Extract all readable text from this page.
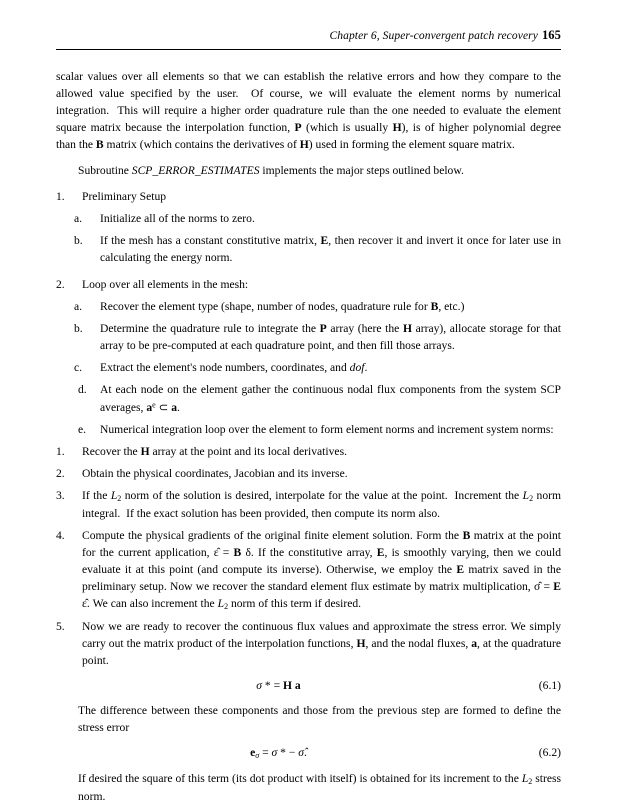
Chapter 6, Super-convergent patch recovery 165

scalar values over all elements so that we can establish the relative errors and how they compare to the allowed value specified by the user.  Of course, we will evaluate the element norms by numerical integration.  This will require a higher order quadrature rule than the one needed to evaluate the element square matrix because the interpolation function, P (which is usually H), is of higher polynomial degree than the B matrix (which contains the derivatives of H) used in forming the element square matrix.

Subroutine SCP_ERROR_ESTIMATES implements the major steps outlined below.

1.	Preliminary Setup
a.	Initialize all of the norms to zero.
b.	If the mesh has a constant constitutive matrix, E, then recover it and invert it once for later use in calculating the energy norm.
2.	Loop over all elements in the mesh:
a.	Recover the element type (shape, number of nodes, quadrature rule for B, etc.)
b.	Determine the quadrature rule to integrate the P array (here the H array), allocate storage for that array to be pre-computed at each quadrature point, and then fill those arrays.
c.	Extract the element's node numbers, coordinates, and dof.
d.	At each node on the element gather the continuous nodal flux components from the system SCP averages, $a^e$ ⊂ a.
e.	Numerical integration loop over the element to form element norms and increment system norms:
1.	Recover the H array at the point and its local derivatives.
2.	Obtain the physical coordinates, Jacobian and its inverse.
3.	If the $L_2$ norm of the solution is desired, interpolate for the value at the point.  Increment the $L_2$ norm integral.  If the exact solution has been provided, then compute its norm also.
4.	Compute the physical gradients of the original finite element solution. Form the B matrix at the point for the current application, ε̂ = B δ. If the constitutive array, E, is smoothly varying, then we could evaluate it at this point (and compute its inverse). Otherwise, we employ the E matrix saved in the preliminary setup. Now we recover the standard element flux estimate by matrix multiplication, σ̂ = E ε̂. We can also increment the $L_2$ norm of this term if desired.
5.	Now we are ready to recover the continuous flux values and approximate the stress error. We simply carry out the matrix product of the interpolation functions, H, and the nodal fluxes, a, at the quadrature point.
σ * = H a	(6.1)

The difference between these components and those from the previous step are formed to define the stress error

$e_\sigma = \sigma$ * − σ̂.	(6.2)

If desired the square of this term (its dot product with itself) is obtained for its increment to the $L_2$ stress norm.
